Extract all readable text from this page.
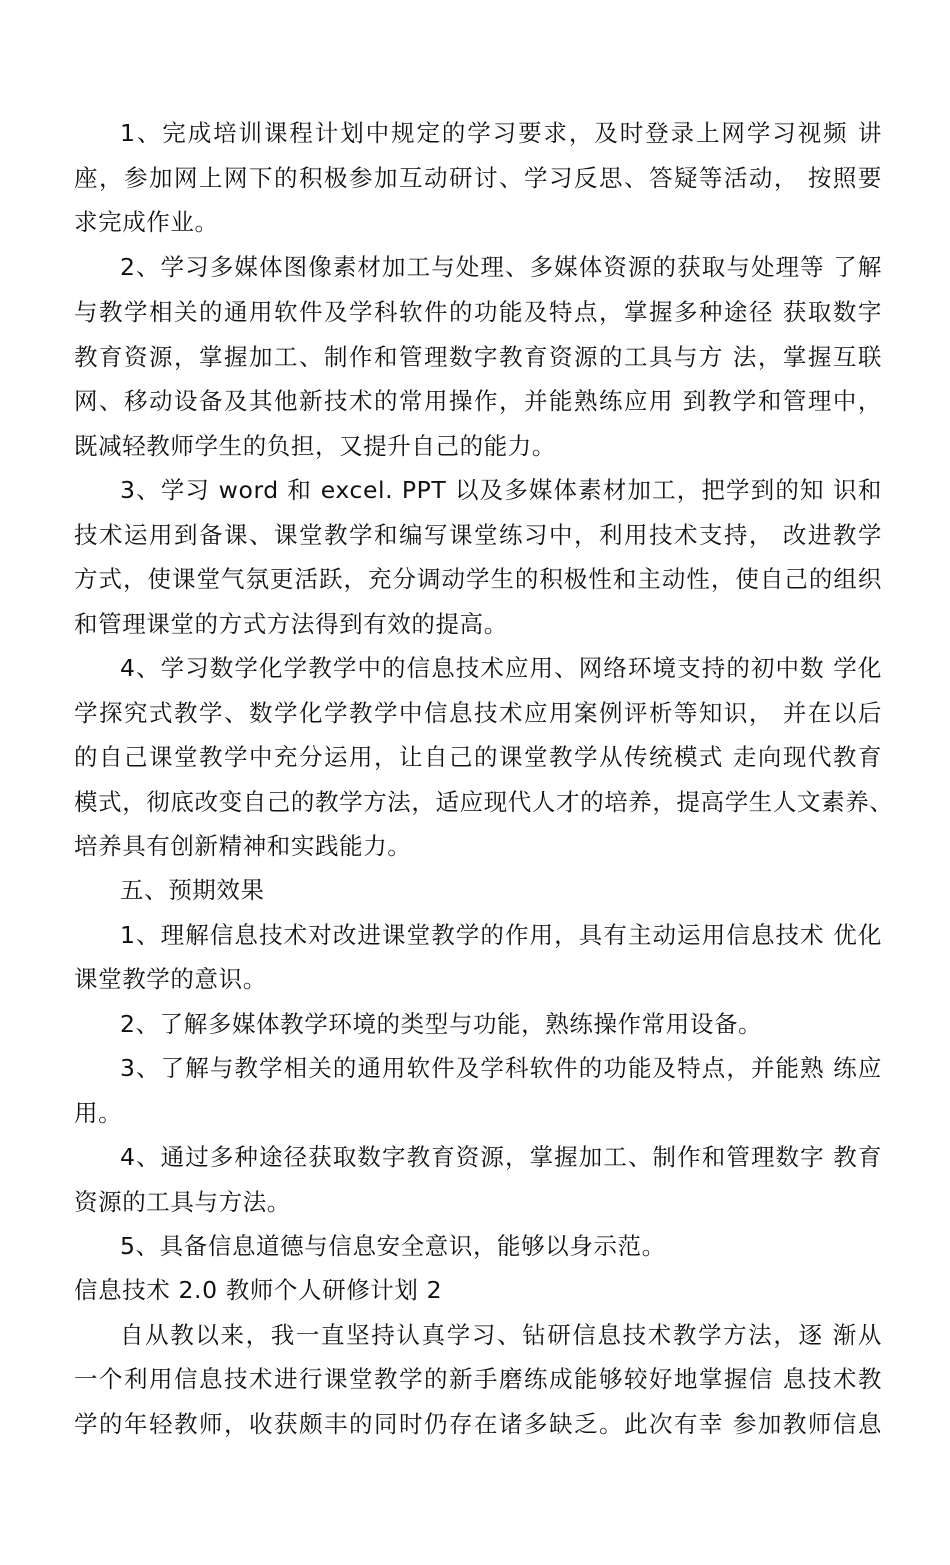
1、完成培训课程计划中规定的学习要求，及时登录上网学习视频 讲
座，参加网上网下的积极参加互动研讨、学习反思、答疑等活动， 按照要
求完成作业。
2、学习多媒体图像素材加工与处理、多媒体资源的获取与处理等 了解
与教学相关的通用软件及学科软件的功能及特点，掌握多种途径 获取数字
教育资源，掌握加工、制作和管理数字教育资源的工具与方 法，掌握互联
网、移动设备及其他新技术的常用操作，并能熟练应用 到教学和管理中，
既减轻教师学生的负担，又提升自己的能力。
3、学习 word 和 excel. PPT 以及多媒体素材加工，把学到的知 识和
技术运用到备课、课堂教学和编写课堂练习中，利用技术支持， 改进教学
方式，使课堂气氛更活跃，充分调动学生的积极性和主动性，使自己的组织
和管理课堂的方式方法得到有效的提高。
4、学习数学化学教学中的信息技术应用、网络环境支持的初中数 学化
学探究式教学、数学化学教学中信息技术应用案例评析等知识， 并在以后
的自己课堂教学中充分运用，让自己的课堂教学从传统模式 走向现代教育
模式，彻底改变自己的教学方法，适应现代人才的培养，提高学生人文素养、
培养具有创新精神和实践能力。
五、预期效果
1、理解信息技术对改进课堂教学的作用，具有主动运用信息技术 优化
课堂教学的意识。
2、了解多媒体教学环境的类型与功能，熟练操作常用设备。
3、了解与教学相关的通用软件及学科软件的功能及特点，并能熟 练应
用。
4、通过多种途径获取数字教育资源，掌握加工、制作和管理数字 教育
资源的工具与方法。
5、具备信息道德与信息安全意识，能够以身示范。
信息技术 2.0 教师个人研修计划 2
自从教以来，我一直坚持认真学习、钻研信息技术教学方法，逐 渐从
一个利用信息技术进行课堂教学的新手磨练成能够较好地掌握信 息技术教
学的年轻教师，收获颇丰的同时仍存在诸多缺乏。此次有幸 参加教师信息
